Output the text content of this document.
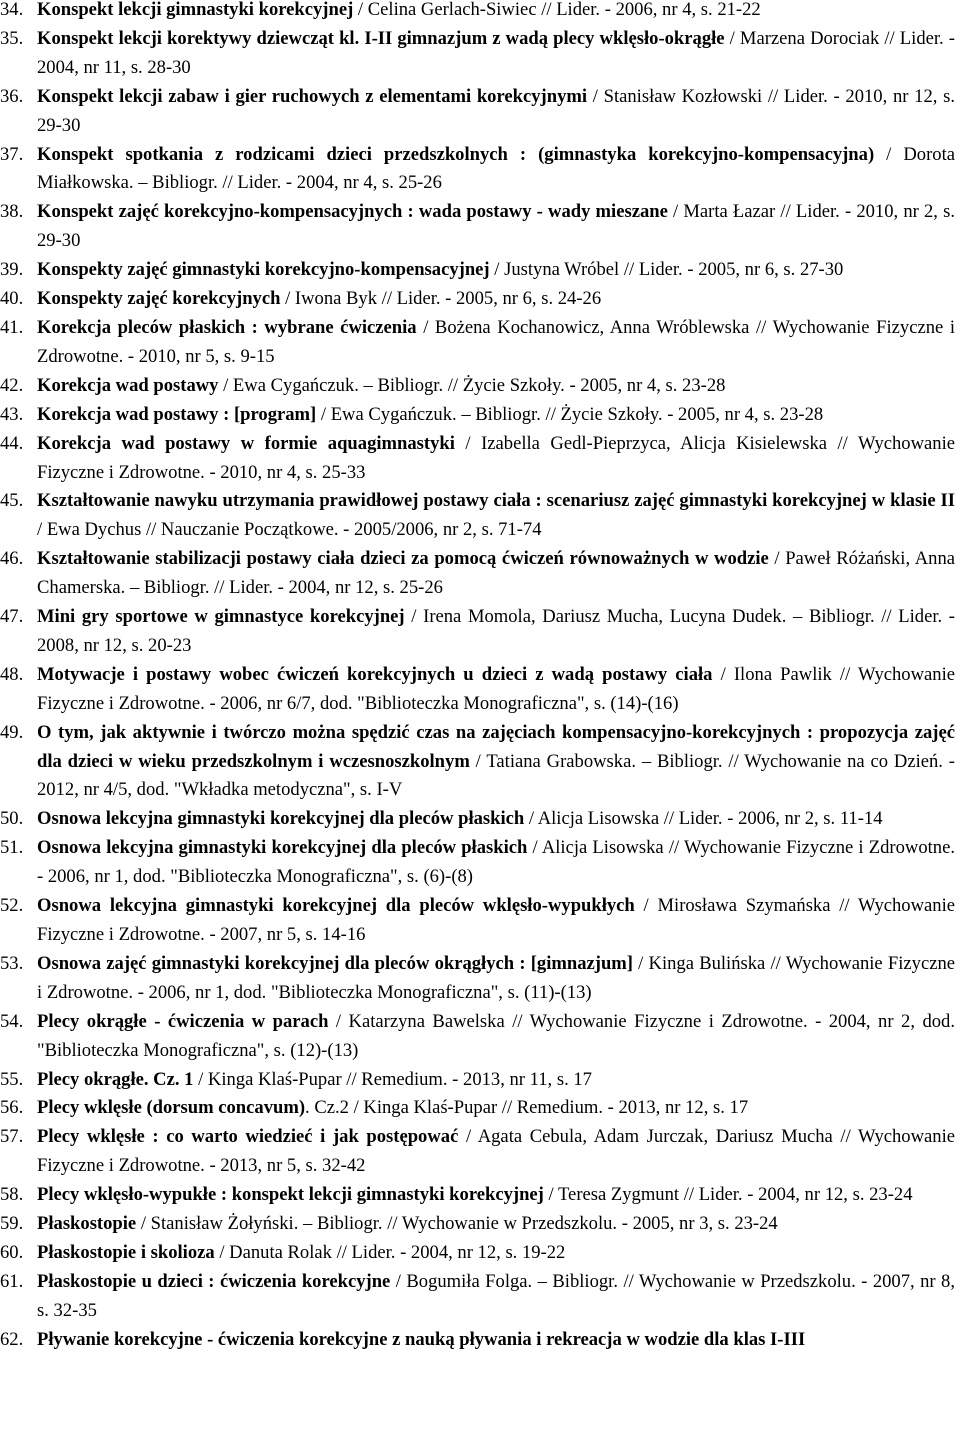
34. Konspekt lekcji gimnastyki korekcyjnej / Celina Gerlach-Siwiec // Lider. - 2006, nr 4, s. 21-22
35. Konspekt lekcji korektywy dziewcząt kl. I-II gimnazjum z wadą plecy wklęsło-okrągłe / Marzena Dorociak // Lider. - 2004, nr 11, s. 28-30
36. Konspekt lekcji zabaw i gier ruchowych z elementami korekcyjnymi / Stanisław Kozłowski // Lider. - 2010, nr 12, s. 29-30
37. Konspekt spotkania z rodzicami dzieci przedszkolnych : (gimnastyka korekcyjno-kompensacyjna) / Dorota Miałkowska. – Bibliogr. // Lider. - 2004, nr 4, s. 25-26
38. Konspekt zajęć korekcyjno-kompensacyjnych : wada postawy - wady mieszane / Marta Łazar // Lider. - 2010, nr 2, s. 29-30
39. Konspekty zajęć gimnastyki korekcyjno-kompensacyjnej / Justyna Wróbel // Lider. - 2005, nr 6, s. 27-30
40. Konspekty zajęć korekcyjnych / Iwona Byk // Lider. - 2005, nr 6, s. 24-26
41. Korekcja pleców płaskich : wybrane ćwiczenia / Bożena Kochanowicz, Anna Wróblewska // Wychowanie Fizyczne i Zdrowotne. - 2010, nr 5, s. 9-15
42. Korekcja wad postawy / Ewa Cygańczuk. – Bibliogr. // Życie Szkoły. - 2005, nr 4, s. 23-28
43. Korekcja wad postawy : [program] / Ewa Cygańczuk. – Bibliogr. // Życie Szkoły. - 2005, nr 4, s. 23-28
44. Korekcja wad postawy w formie aquagimnastyki / Izabella Gedl-Pieprzyca, Alicja Kisielewska // Wychowanie Fizyczne i Zdrowotne. - 2010, nr 4, s. 25-33
45. Kształtowanie nawyku utrzymania prawidłowej postawy ciała : scenariusz zajęć gimnastyki korekcyjnej w klasie II / Ewa Dychus // Nauczanie Początkowe. - 2005/2006, nr 2, s. 71-74
46. Kształtowanie stabilizacji postawy ciała dzieci za pomocą ćwiczeń równoważnych w wodzie / Paweł Różański, Anna Chamerska. – Bibliogr. // Lider. - 2004, nr 12, s. 25-26
47. Mini gry sportowe w gimnastyce korekcyjnej / Irena Momola, Dariusz Mucha, Lucyna Dudek. – Bibliogr. // Lider. - 2008, nr 12, s. 20-23
48. Motywacje i postawy wobec ćwiczeń korekcyjnych u dzieci z wadą postawy ciała / Ilona Pawlik // Wychowanie Fizyczne i Zdrowotne. - 2006, nr 6/7, dod. "Biblioteczka Monograficzna", s. (14)-(16)
49. O tym, jak aktywnie i twórczo można spędzić czas na zajęciach kompensacyjno-korekcyjnych : propozycja zajęć dla dzieci w wieku przedszkolnym i wczesnoszkolnym / Tatiana Grabowska. – Bibliogr. // Wychowanie na co Dzień. - 2012, nr 4/5, dod. "Wkładka metodyczna", s. I-V
50. Osnowa lekcyjna gimnastyki korekcyjnej dla pleców płaskich / Alicja Lisowska // Lider. - 2006, nr 2, s. 11-14
51. Osnowa lekcyjna gimnastyki korekcyjnej dla pleców płaskich / Alicja Lisowska // Wychowanie Fizyczne i Zdrowotne. - 2006, nr 1, dod. "Biblioteczka Monograficzna", s. (6)-(8)
52. Osnowa lekcyjna gimnastyki korekcyjnej dla pleców wklęsło-wypukłych / Mirosława Szymańska // Wychowanie Fizyczne i Zdrowotne. - 2007, nr 5, s. 14-16
53. Osnowa zajęć gimnastyki korekcyjnej dla pleców okrągłych : [gimnazjum] / Kinga Bulińska // Wychowanie Fizyczne i Zdrowotne. - 2006, nr 1, dod. "Biblioteczka Monograficzna", s. (11)-(13)
54. Plecy okrągłe - ćwiczenia w parach / Katarzyna Bawelska // Wychowanie Fizyczne i Zdrowotne. - 2004, nr 2, dod. "Biblioteczka Monograficzna", s. (12)-(13)
55. Plecy okrągłe. Cz. 1 / Kinga Klaś-Pupar // Remedium. - 2013, nr 11, s. 17
56. Plecy wklęsłe (dorsum concavum). Cz.2 / Kinga Klaś-Pupar // Remedium. - 2013, nr 12, s. 17
57. Plecy wklęsłe : co warto wiedzieć i jak postępować / Agata Cebula, Adam Jurczak, Dariusz Mucha // Wychowanie Fizyczne i Zdrowotne. - 2013, nr 5, s. 32-42
58. Plecy wklęsło-wypukłe : konspekt lekcji gimnastyki korekcyjnej / Teresa Zygmunt // Lider. - 2004, nr 12, s. 23-24
59. Płaskostopie / Stanisław Żołyński. – Bibliogr. // Wychowanie w Przedszkolu. - 2005, nr 3, s. 23-24
60. Płaskostopie i skolioza / Danuta Rolak // Lider. - 2004, nr 12, s. 19-22
61. Płaskostopie u dzieci : ćwiczenia korekcyjne / Bogumiła Folga. – Bibliogr. // Wychowanie w Przedszkolu. - 2007, nr 8, s. 32-35
62. Pływanie korekcyjne - ćwiczenia korekcyjne z nauką pływania i rekreacja w wodzie dla klas I-III
